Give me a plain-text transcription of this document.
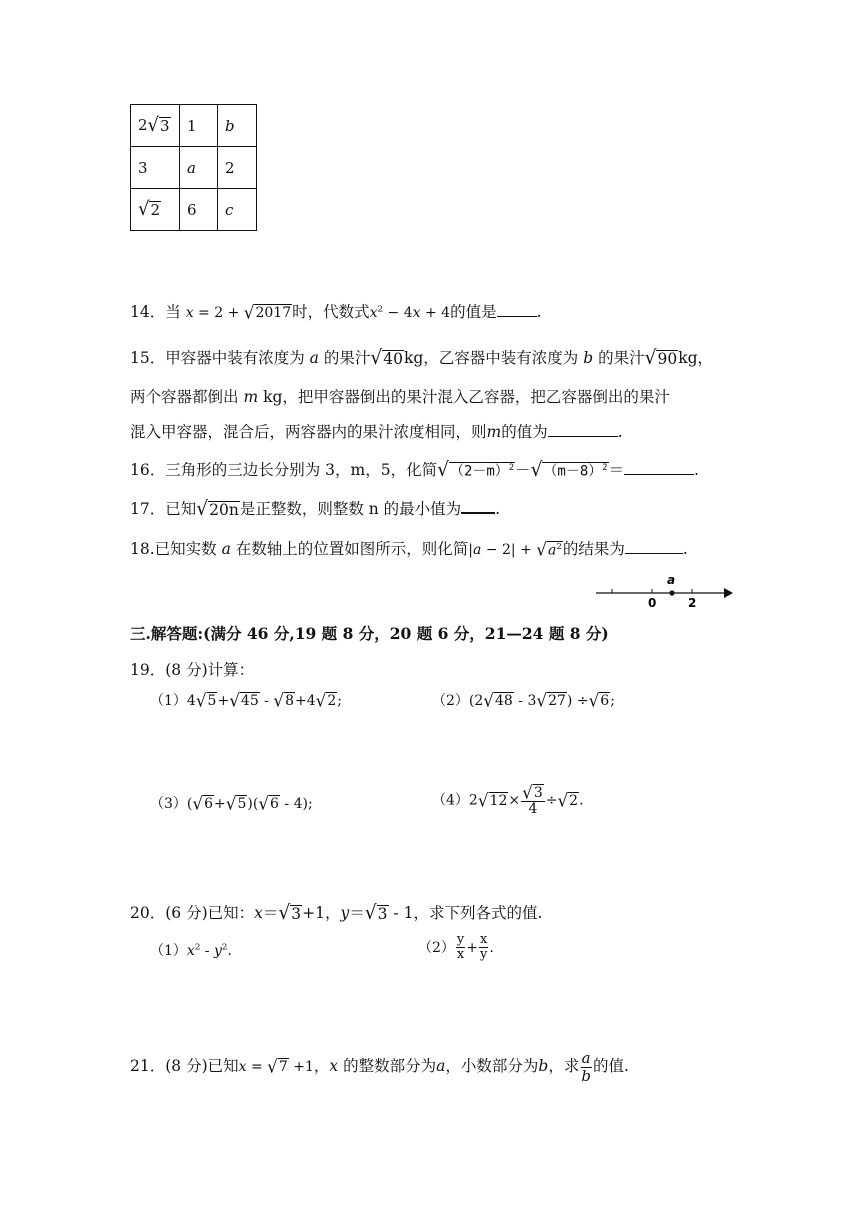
2 √ 3	1	b
3	a	2

√ 2	6	c
14．当 x = 2 + √ 2017 时，代数式$x^2 - 4x + 4$的值是	.
15．甲容器中装有浓度为 a 的果汁 √ 40 kg，乙容器中装有浓度为 b 的果汁 √ 90 kg，
两个容器都倒出 m kg，把甲容器倒出的果汁混入乙容器，把乙容器倒出的果汁
混入甲容器，混合后，两容器内的果汁浓度相同，则m的值为	.
16．三角形的三边长分别为 3，m，5，化简 √ $(2-m)^2$ － √ $(m-8)^2$ ＝	.
17．已知 √ 20n 是正整数，则整数 n 的最小值为 .
18.已知实数 a 在数轴上的位置如图所示，则化简|a − 2| + √ $a^2$ 的结果为	.
a
0	2
三.解答题:(满分 46 分,19 题 8 分，20 题 6 分，21—24 题 8 分)
19．(8 分)计算：
（1）4 √ 5 + √ 45 - √ 8 +4 √ 2 ;	（2）(2 √ 48 - 3 √ 27 ) ÷ √ 6 ;
（3）( √ 6 + √ 5 )( √ 6 - 4);	（4）2 √ $12 \times \frac{√ 3}{4}$ ÷ √ 2 .
20．(6 分)已知：x＝ √ 3 +1，y＝ √ 3 - 1，求下列各式的值.
$(1)x^2 - y^2$.	$(2) \frac{y}{x} + \frac{x}{y}$ .
21．(8 分)已知x = √ 7 +1，x 的整数部分为a，小数部分为b，求 $\frac{a}{b}$ 的值.
